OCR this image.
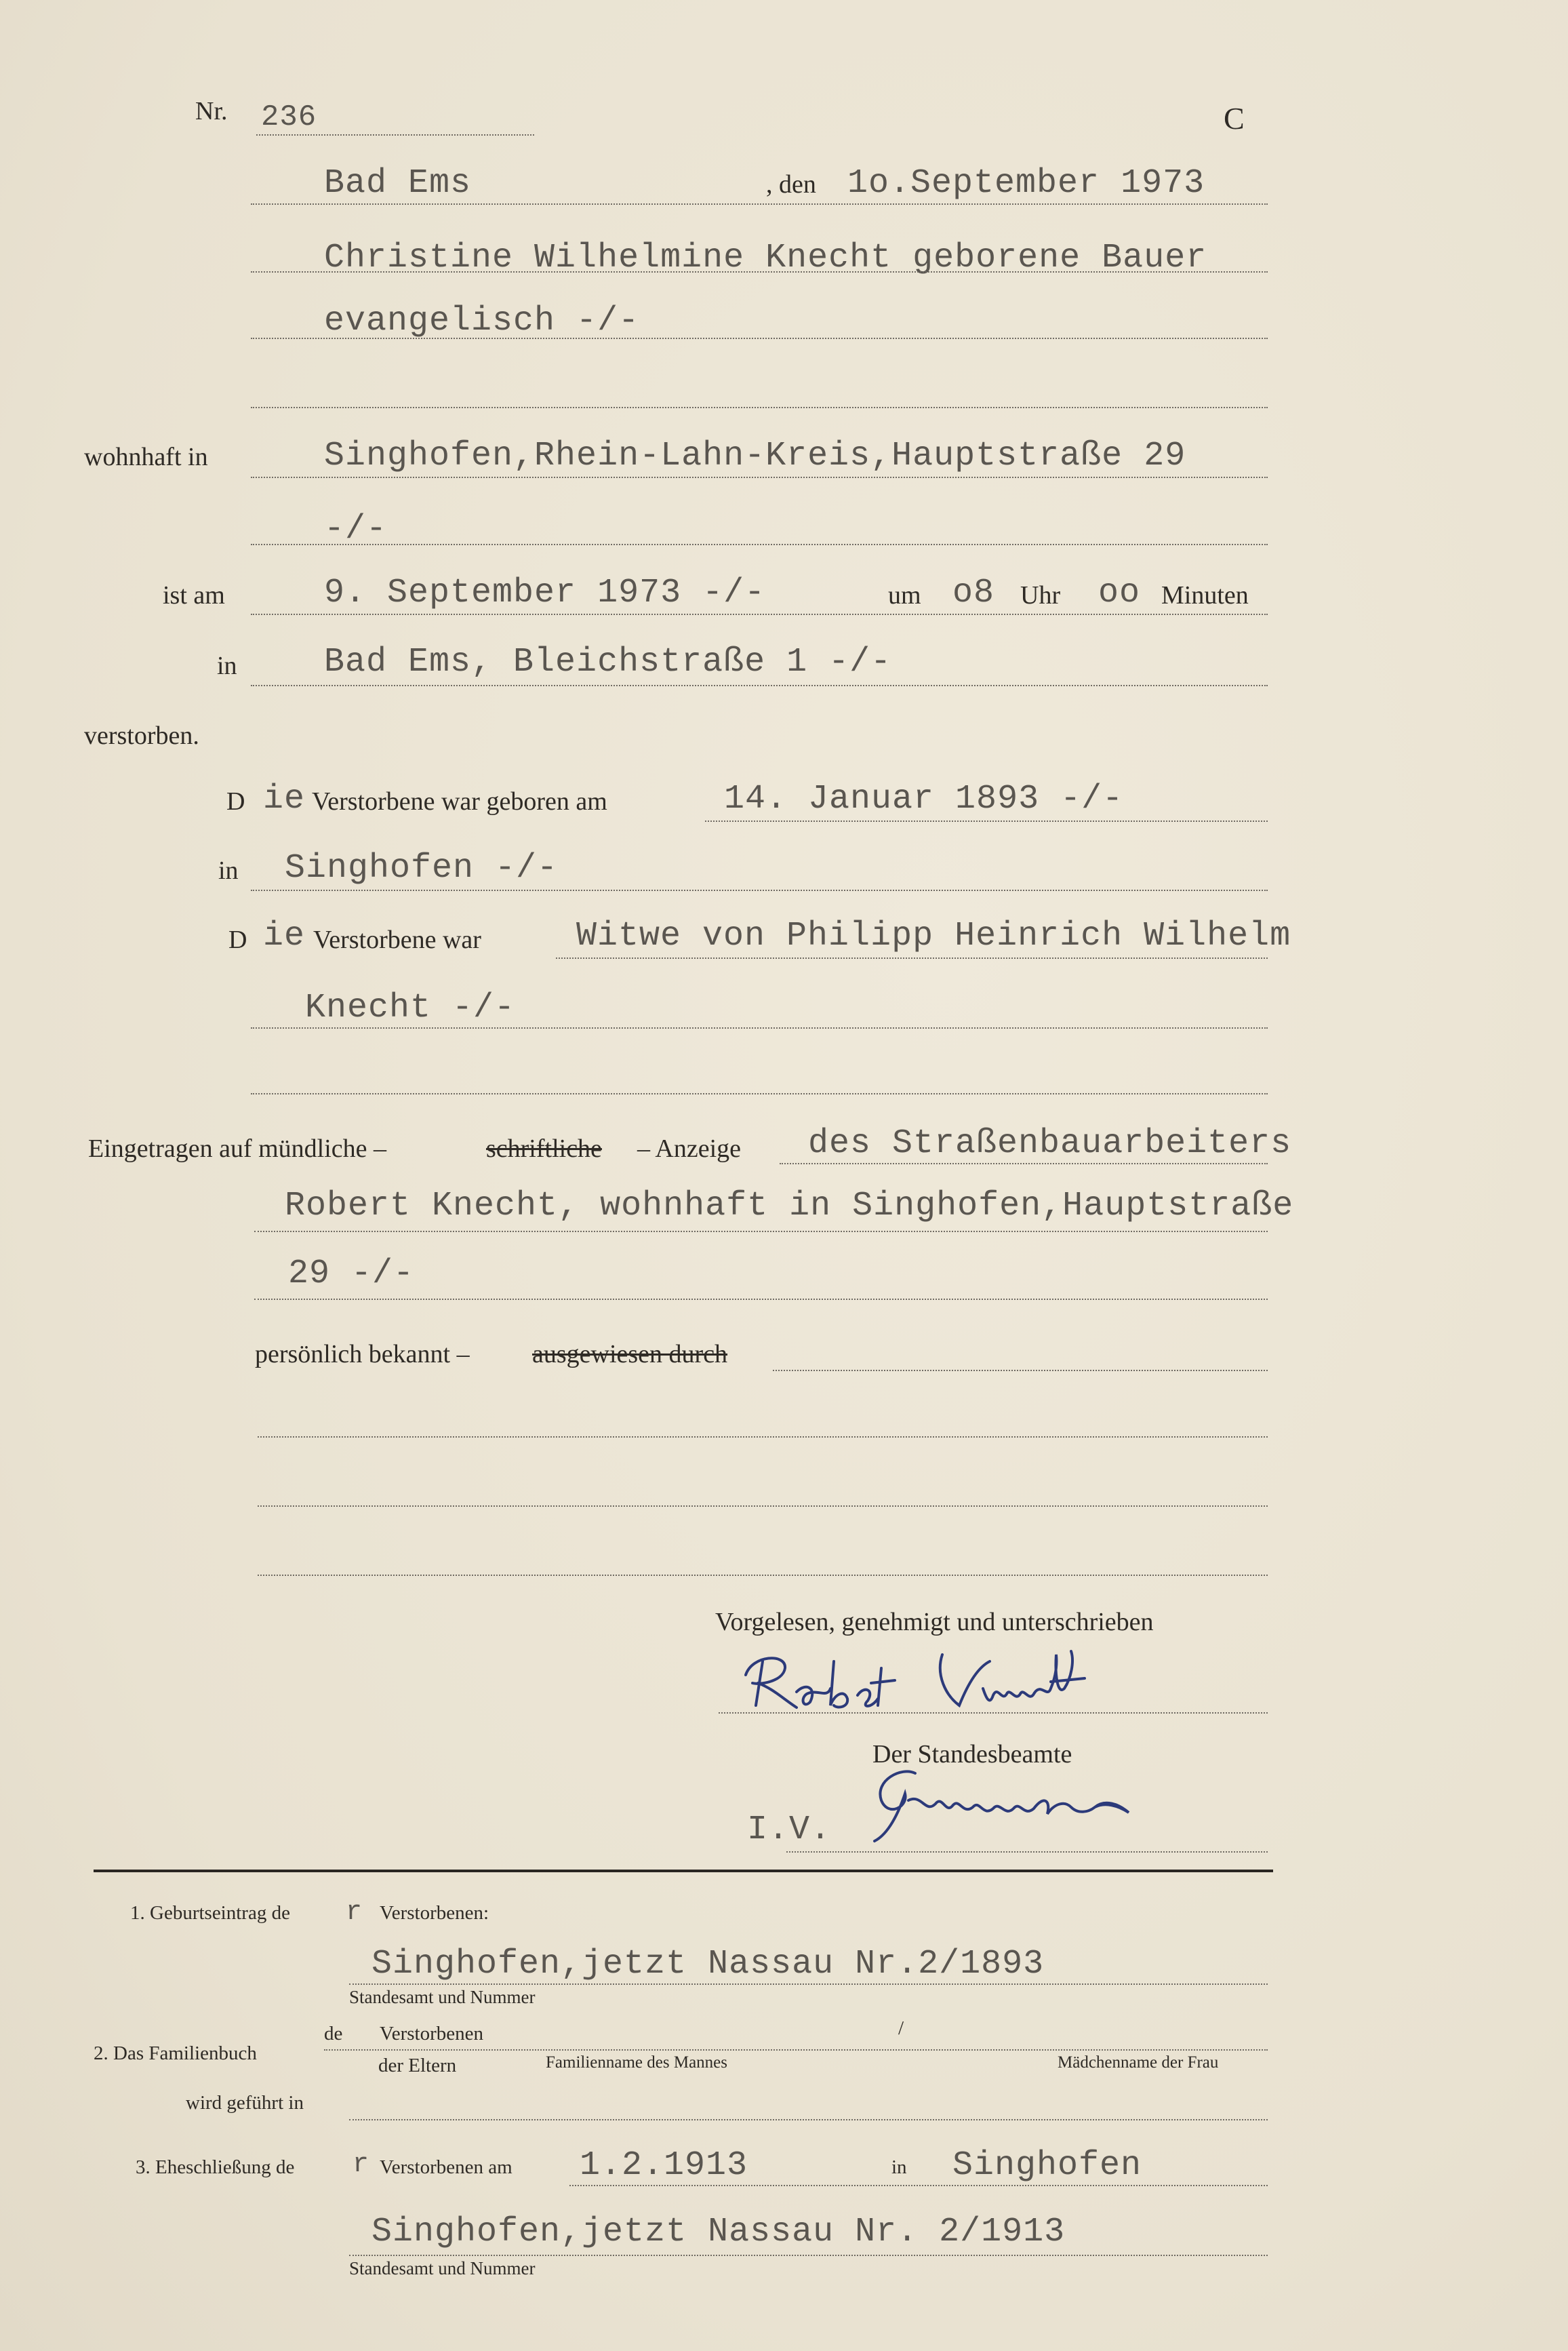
Nr. 236	C
Bad Ems	, den 1o.September 1973
Christine Wilhelmine Knecht geborene Bauer
evangelisch -/-
wohnhaft in	Singhofen,Rhein-Lahn-Kreis,Hauptstraße 29
-/-
ist am	9. September 1973 -/-	um o8 Uhr oo Minuten
in	Bad Ems, Bleichstraße 1 -/-
verstorben.
D ie Verstorbene war geboren am	14. Januar 1893 -/-
in Singhofen -/-
D ie Verstorbene war	Witwe von Philipp Heinrich Wilhelm
Knecht -/-
Eingetragen auf mündliche –	schriftliche – Anzeige des Straßenbauarbeiters
Robert Knecht, wohnhaft in Singhofen,Hauptstraße
29 -/-
persönlich bekannt – ausgewiesen durch
Vorgelesen, genehmigt und unterschrieben
Der Standesbeamte
I.V.
1. Geburtseintrag de r Verstorbenen:
Singhofen,jetzt Nassau Nr.2/1893
Standesamt und Nummer
2. Das Familienbuch
de Verstorbenen	/
der Eltern	Familienname des Mannes	Mädchenname der Frau
wird geführt in
3. Eheschließung de r Verstorbenen am 1.2.1913	in Singhofen
Singhofen,jetzt Nassau Nr. 2/1913
Standesamt und Nummer
